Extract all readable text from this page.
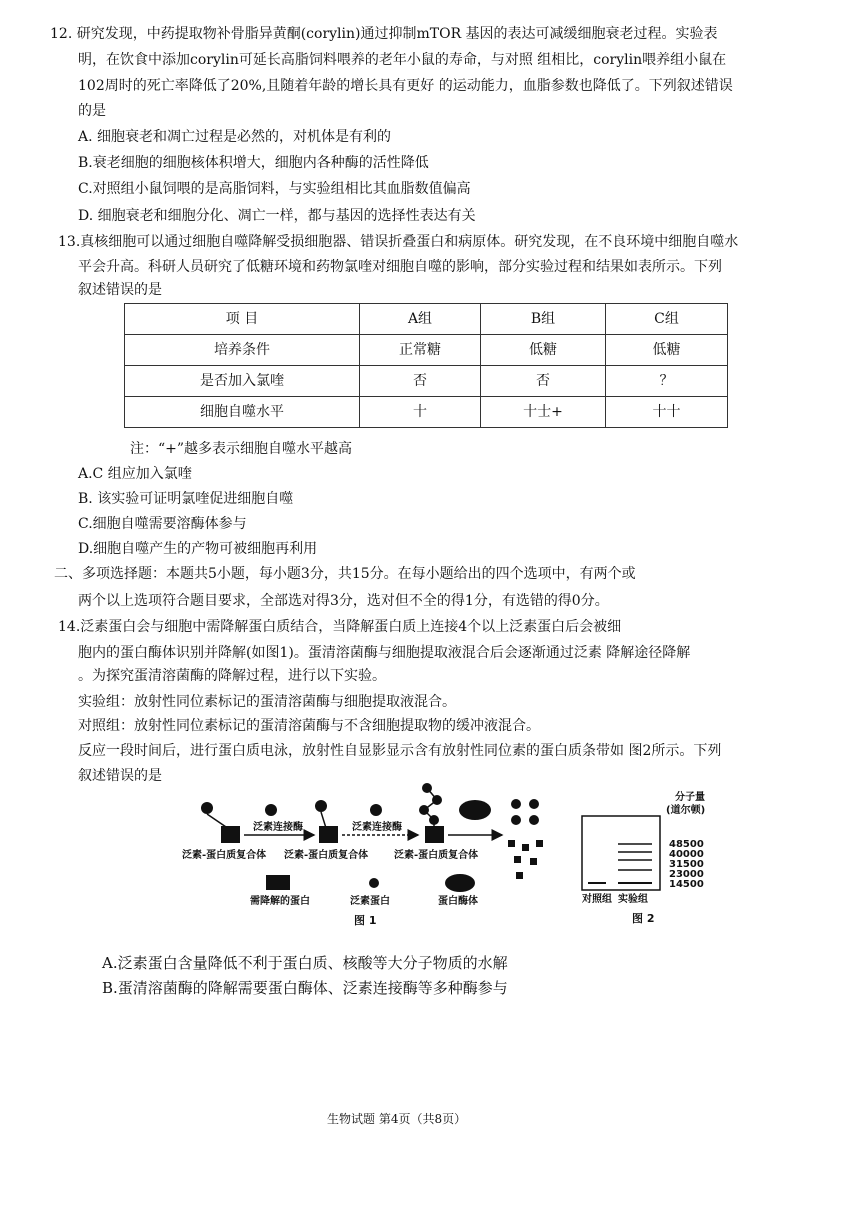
12. 研究发现，中药提取物补骨脂异黄酮(corylin)通过抑制mTOR 基因的表达可减缓细胞衰老过程。实验表
明，在饮食中添加corylin可延长高脂饲料喂养的老年小鼠的寿命，与对照 组相比，corylin喂养组小鼠在
102周时的死亡率降低了20%,且随着年龄的增长具有更好 的运动能力，血脂参数也降低了。下列叙述错误
的是
A. 细胞衰老和凋亡过程是必然的，对机体是有利的
B.衰老细胞的细胞核体积增大，细胞内各种酶的活性降低
C.对照组小鼠饲喂的是高脂饲料，与实验组相比其血脂数值偏高
D. 细胞衰老和细胞分化、凋亡一样，都与基因的选择性表达有关
13.真核细胞可以通过细胞自噬降解受损细胞器、错误折叠蛋白和病原体。研究发现，在不良环境中细胞自噬水
平会升高。科研人员研究了低糖环境和药物氯喹对细胞自噬的影响，部分实验过程和结果如表所示。下列
叙述错误的是
项 目	A组	B组	C组
培养条件	正常糖	低糖	低糖
是否加入氯喹	否	否	？
细胞自噬水平	十	十士+	十十
注：“+”越多表示细胞自噬水平越高
A.C 组应加入氯喹
B. 该实验可证明氯喹促进细胞自噬
C.细胞自噬需要溶酶体参与
D.细胞自噬产生的产物可被细胞再利用
二、多项选择题：本题共5小题，每小题3分，共15分。在每小题给出的四个选项中，有两个或
两个以上选项符合题目要求，全部选对得3分，选对但不全的得1分，有选错的得0分。
14.泛素蛋白会与细胞中需降解蛋白质结合，当降解蛋白质上连接4个以上泛素蛋白后会被细
胞内的蛋白酶体识别并降解(如图1)。蛋清溶菌酶与细胞提取液混合后会逐渐通过泛素 降解途径降解
。为探究蛋清溶菌酶的降解过程，进行以下实验。
实验组：放射性同位素标记的蛋清溶菌酶与细胞提取液混合。
对照组：放射性同位素标记的蛋清溶菌酶与不含细胞提取物的缓冲液混合。
反应一段时间后，进行蛋白质电泳，放射性自显影显示含有放射性同位素的蛋白质条带如 图2所示。下列
叙述错误的是
泛素连接酶
泛素-蛋白质复合体
泛素连接酶
泛素-蛋白质复合体	泛素-蛋白质复合体
需降解的蛋白	泛素蛋白	蛋白酶体
图 1
分子量
(道尔顿)
48500
40000
31500
23000
14500
对照组 实验组
图 2
A.泛素蛋白含量降低不利于蛋白质、核酸等大分子物质的水解
B.蛋清溶菌酶的降解需要蛋白酶体、泛素连接酶等多种酶参与
生物试题 第4页（共8页）
